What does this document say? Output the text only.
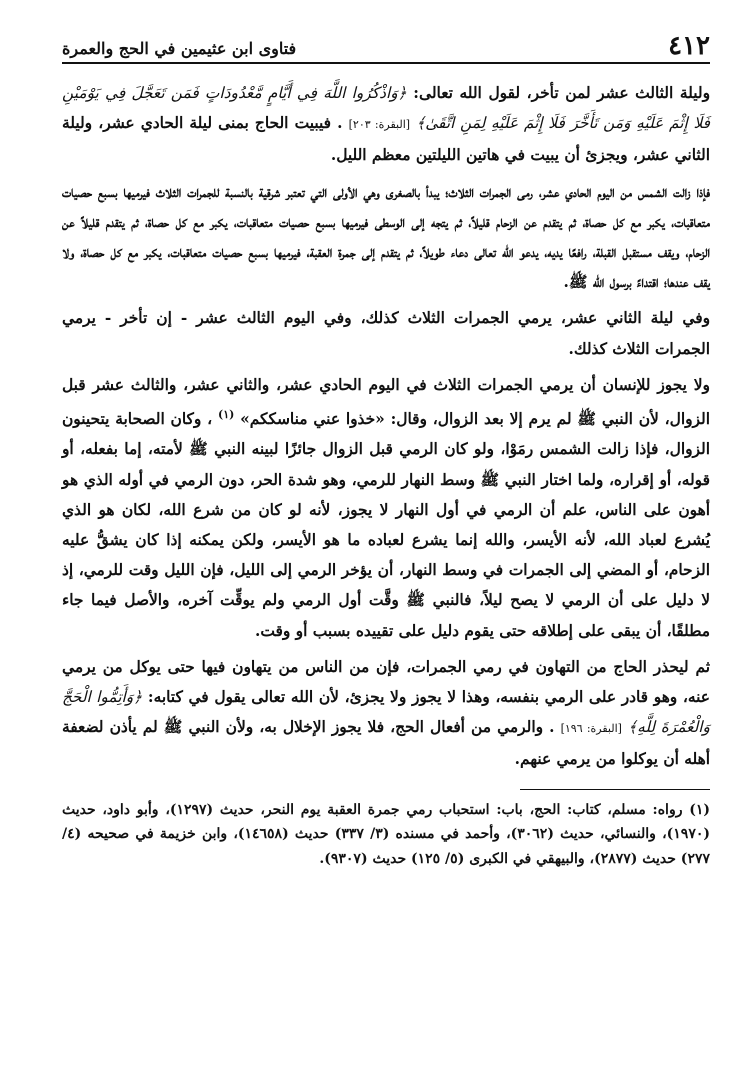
٤١٢
فتاوى ابن عثيمين في الحج والعمرة

وليلة الثالث عشر لمن تأخر، لقول الله تعالى: ﴿وَاذْكُرُوا اللَّهَ فِي أَيَّامٍ مَّعْدُودَاتٍ فَمَن تَعَجَّلَ فِي يَوْمَيْنِ فَلَا إِثْمَ عَلَيْهِ وَمَن تَأَخَّرَ فَلَا إِثْمَ عَلَيْهِ لِمَنِ اتَّقَىٰ﴾ [البقرة: ٢٠٣] . فيبيت الحاج بمنى ليلة الحادي عشر، وليلة الثاني عشر، ويجزئ أن يبيت في هاتين الليلتين معظم الليل.

فإذا زالت الشمس من اليوم الحادي عشر، رمى الجمرات الثلاث؛ يبدأ بالصغرى وهي الأولى التي تعتبر شرقية بالنسبة للجمرات الثلاث فيرميها بسبع حصيات متعاقبات، يكبر مع كل حصاة، ثم يتقدم عن الزحام قليلاً، ثم يتجه إلى الوسطى فيرميها بسبع حصيات متعاقبات، يكبر مع كل حصاة، ثم يتقدم قليلاً عن الزحام، ويقف مستقبل القبلة، رافعًا يديه، يدعو الله تعالى دعاء طويلاً، ثم يتقدم إلى جمرة العقبة، فيرميها بسبع حصيات متعاقبات، يكبر مع كل حصاة، ولا يقف عندها؛ اقتداءً برسول الله ﷺ.

وفي ليلة الثاني عشر، يرمي الجمرات الثلاث كذلك، وفي اليوم الثالث عشر - إن تأخر - يرمي الجمرات الثلاث كذلك.

ولا يجوز للإنسان أن يرمي الجمرات الثلاث في اليوم الحادي عشر، والثاني عشر، والثالث عشر قبل الزوال، لأن النبي ﷺ لم يرم إلا بعد الزوال، وقال: «خذوا عني مناسككم» $^{(١)}$ ، وكان الصحابة يتحينون الزوال، فإذا زالت الشمس رمَوْا، ولو كان الرمي قبل الزوال جائزًا لبينه النبي ﷺ لأمته، إما بفعله، أو قوله، أو إقراره، ولما اختار النبي ﷺ وسط النهار للرمي، وهو شدة الحر، دون الرمي في أوله الذي هو أهون على الناس، علم أن الرمي في أول النهار لا يجوز، لأنه لو كان من شرع الله، لكان هو الذي يُشرع لعباد الله، لأنه الأيسر، والله إنما يشرع لعباده ما هو الأيسر، ولكن يمكنه إذا كان يشقُّ عليه الزحام، أو المضي إلى الجمرات في وسط النهار، أن يؤخر الرمي إلى الليل، فإن الليل وقت للرمي، إذ لا دليل على أن الرمي لا يصح ليلاً، فالنبي ﷺ وقَّت أول الرمي ولم يوقِّت آخره، والأصل فيما جاء مطلقًا، أن يبقى على إطلاقه حتى يقوم دليل على تقييده بسبب أو وقت.

ثم ليحذر الحاج من التهاون في رمي الجمرات، فإن من الناس من يتهاون فيها حتى يوكل من يرمي عنه، وهو قادر على الرمي بنفسه، وهذا لا يجوز ولا يجزئ، لأن الله تعالى يقول في كتابه: ﴿وَأَتِمُّوا الْحَجَّ وَالْعُمْرَةَ لِلَّهِ﴾ [البقرة: ١٩٦] . والرمي من أفعال الحج، فلا يجوز الإخلال به، ولأن النبي ﷺ لم يأذن لضعفة أهله أن يوكلوا من يرمي عنهم.

(١) رواه: مسلم، كتاب: الحج، باب: استحباب رمي جمرة العقبة يوم النحر، حديث (١٢٩٧)، وأبو داود، حديث (١٩٧٠)، والنسائي، حديث (٣٠٦٢)، وأحمد في مسنده (٣/ ٣٣٧) حديث (١٤٦٥٨)، وابن خزيمة في صحيحه (٤/ ٢٧٧) حديث (٢٨٧٧)، والبيهقي في الكبرى (٥/ ١٢٥) حديث (٩٣٠٧).
